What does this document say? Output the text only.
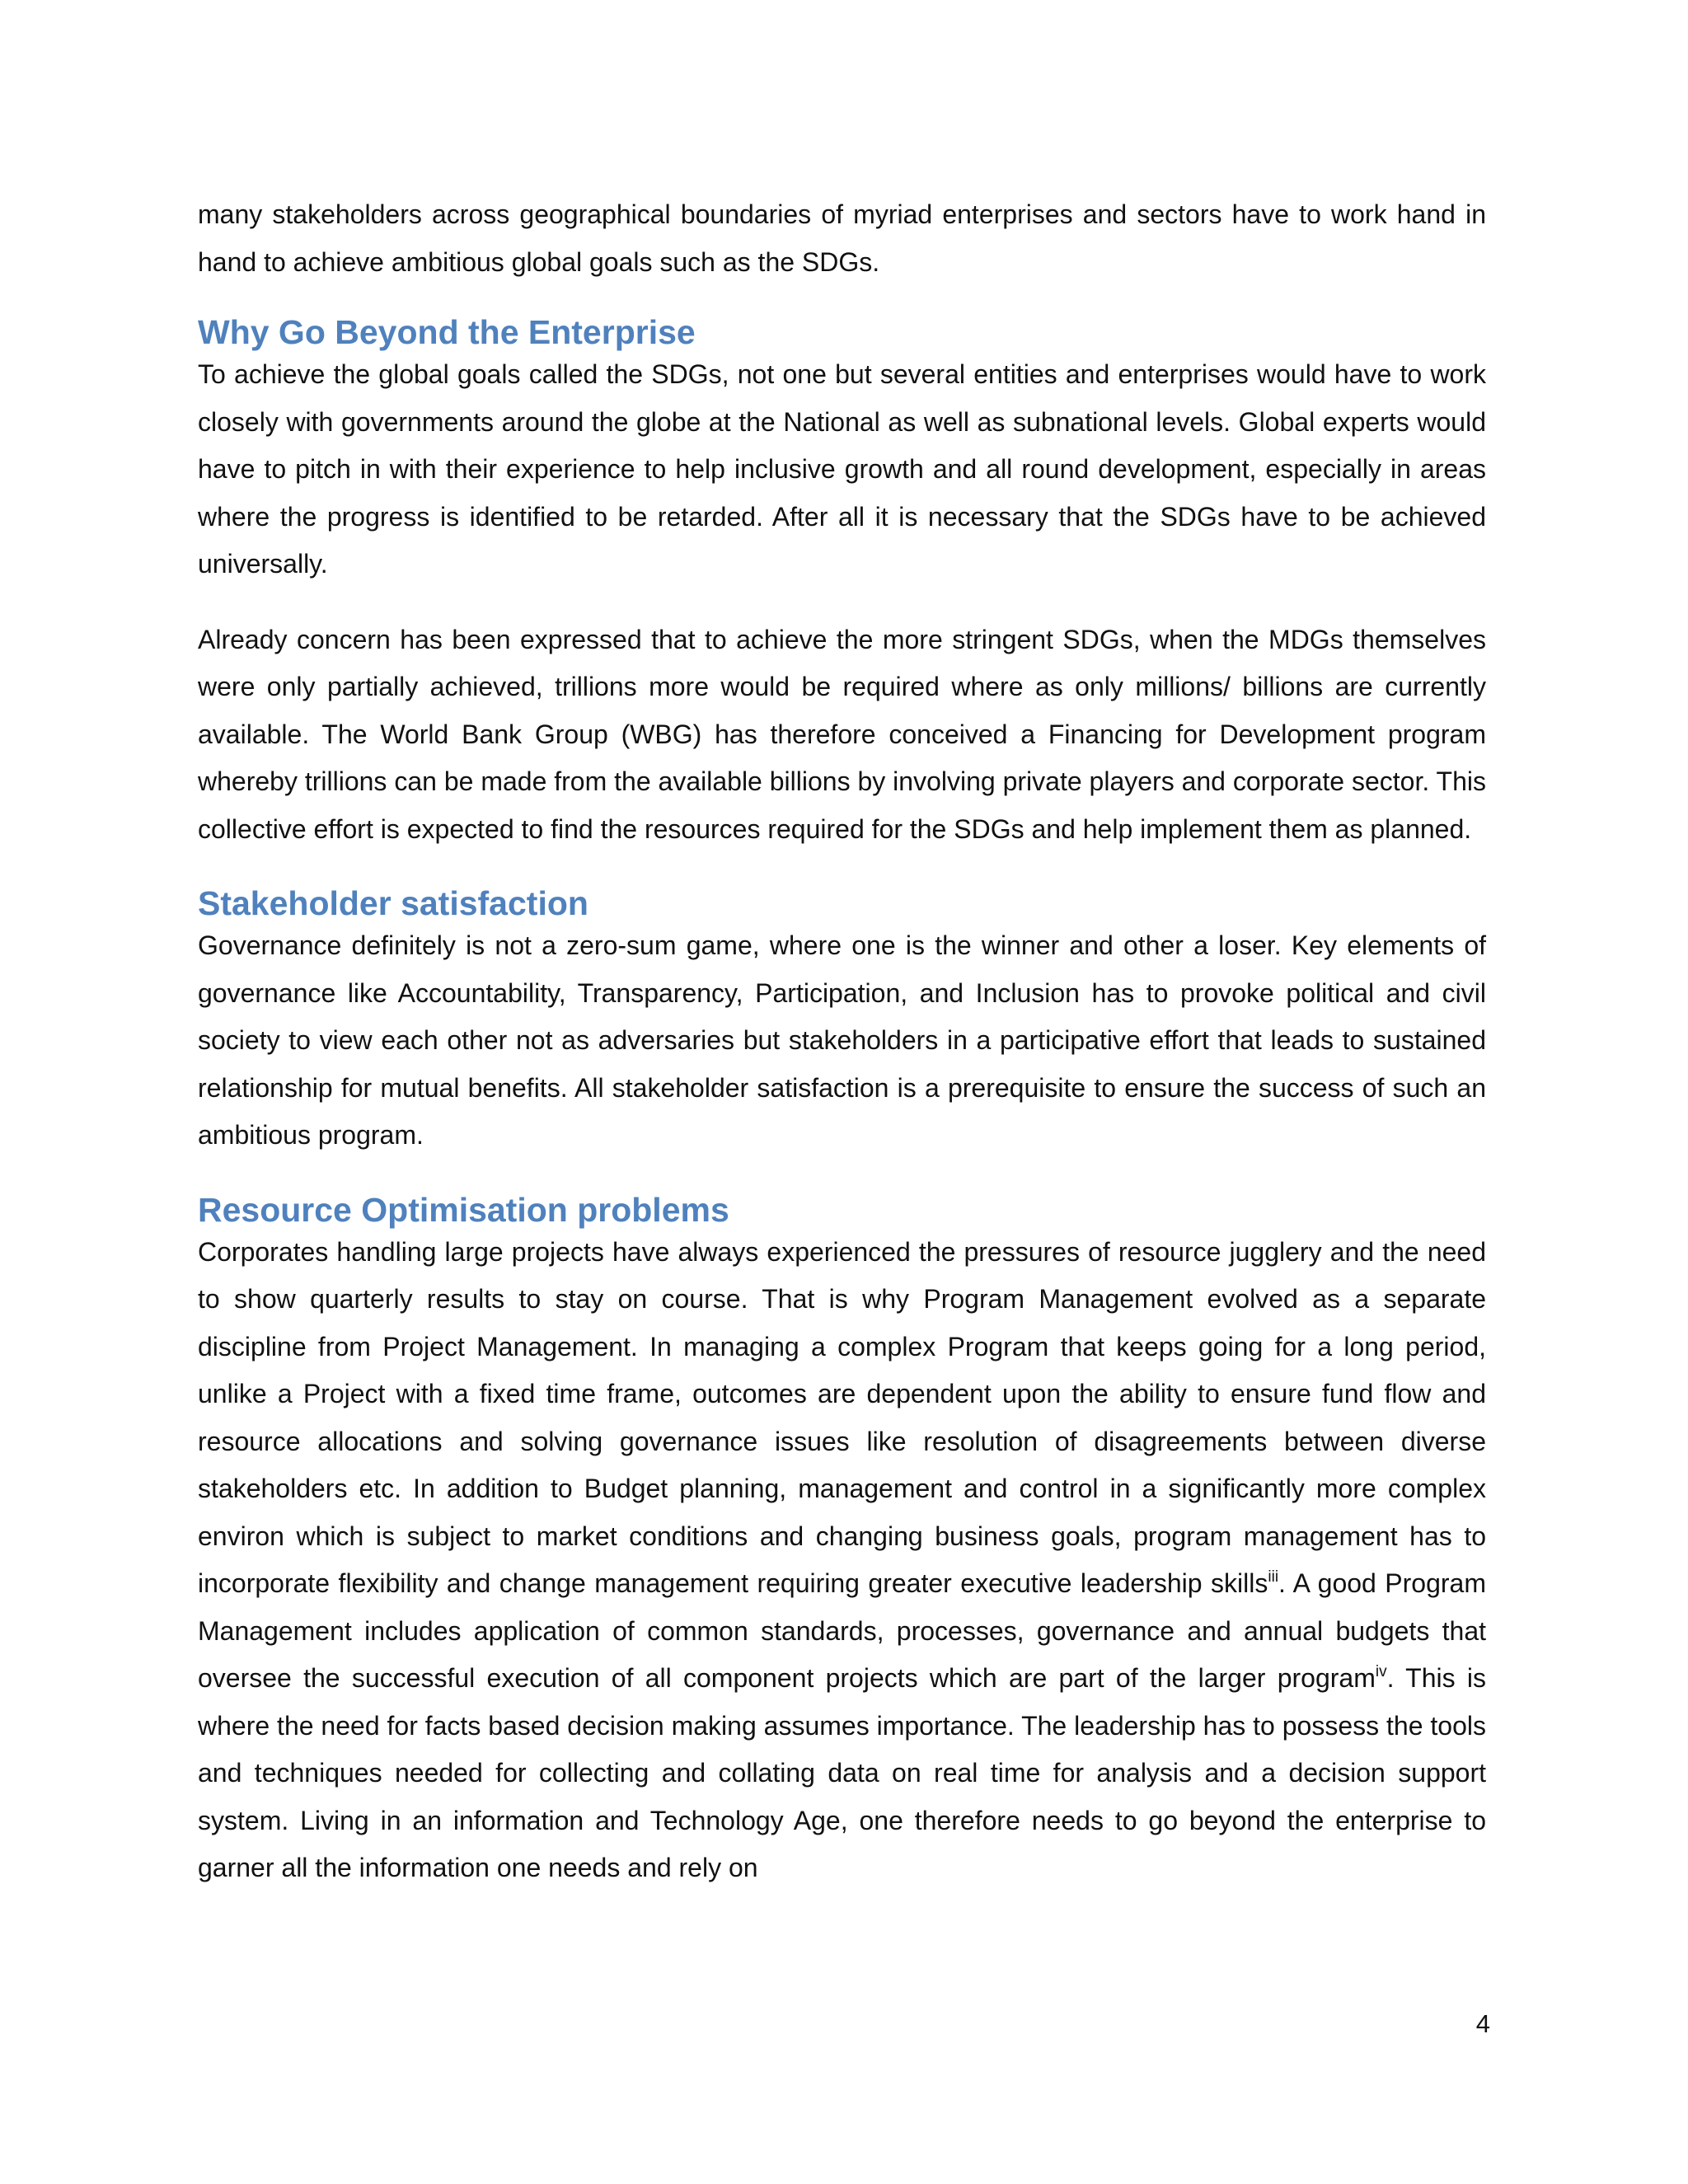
many stakeholders across geographical boundaries of myriad enterprises and sectors have to work hand in hand to achieve ambitious global goals such as the SDGs.

Why Go Beyond the Enterprise

To achieve the global goals called the SDGs, not one but several entities and enterprises would have to work closely with governments around the globe at the National as well as subnational levels. Global experts would have to pitch in with their experience to help inclusive growth and all round development, especially in areas where the progress is identified to be retarded. After all it is necessary that the SDGs have to be achieved universally.

Already concern has been expressed that to achieve the more stringent SDGs, when the MDGs themselves were only partially achieved, trillions more would be required where as only millions/ billions are currently available. The World Bank Group (WBG) has therefore conceived a Financing for Development program whereby trillions can be made from the available billions by involving private players and corporate sector. This collective effort is expected to find the resources required for the SDGs and help implement them as planned.

Stakeholder satisfaction

Governance definitely is not a zero-sum game, where one is the winner and other a loser. Key elements of governance like Accountability, Transparency, Participation, and Inclusion has to provoke political and civil society to view each other not as adversaries but stakeholders in a participative effort that leads to sustained relationship for mutual benefits. All stakeholder satisfaction is a prerequisite to ensure the success of such an ambitious program.

Resource Optimisation problems

Corporates handling large projects have always experienced the pressures of resource jugglery and the need to show quarterly results to stay on course. That is why Program Management evolved as a separate discipline from Project Management. In managing a complex Program that keeps going for a long period, unlike a Project with a fixed time frame, outcomes are dependent upon the ability to ensure fund flow and resource allocations and solving governance issues like resolution of disagreements between diverse stakeholders etc. In addition to Budget planning, management and control in a significantly more complex environ which is subject to market conditions and changing business goals, program management has to incorporate flexibility and change management requiring greater executive leadership skills$^{iii}$. A good Program Management includes application of common standards, processes, governance and annual budgets that oversee the successful execution of all component projects which are part of the larger program$^{iv}$. This is where the need for facts based decision making assumes importance. The leadership has to possess the tools and techniques needed for collecting and collating data on real time for analysis and a decision support system. Living in an information and Technology Age, one therefore needs to go beyond the enterprise to garner all the information one needs and rely on

4
